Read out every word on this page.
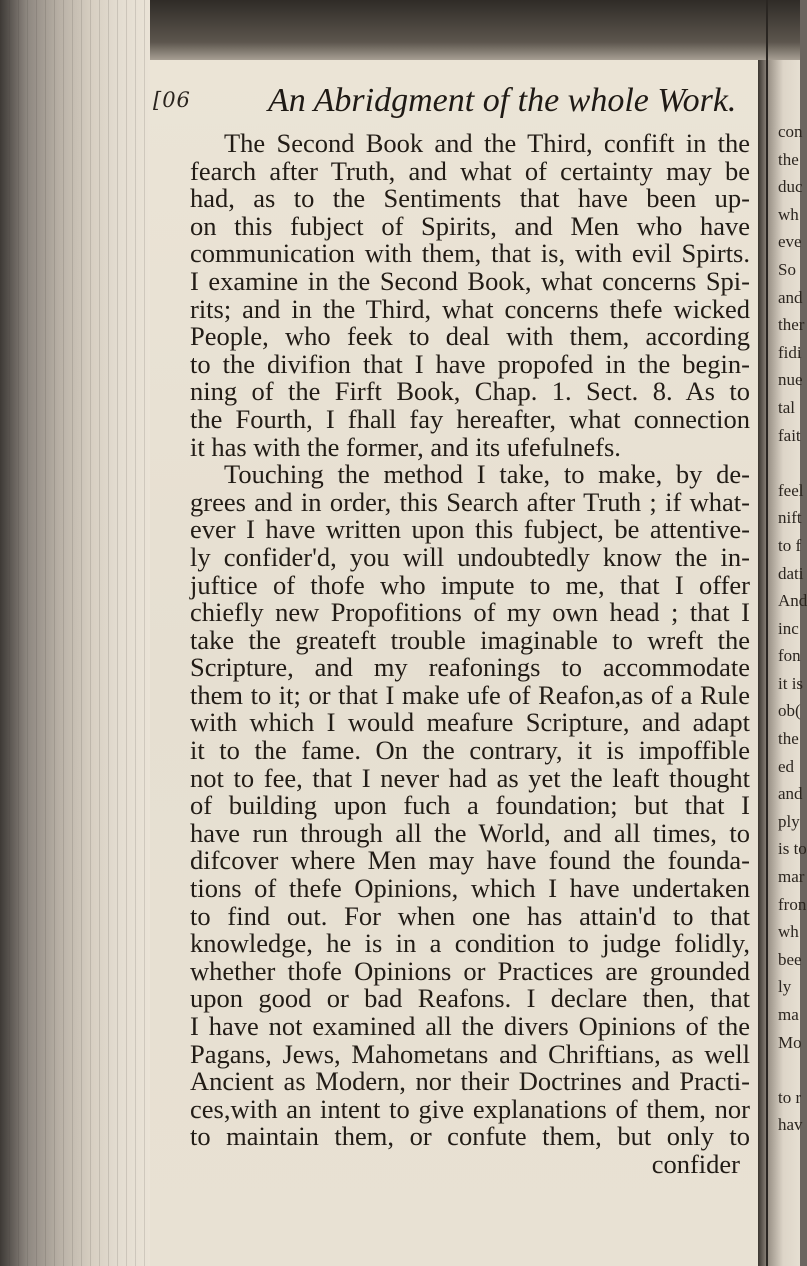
[06 An Abridgment of the whole Work.
The Second Book and the Third, confift in the
fearch after Truth, and what of certainty may be
had, as to the Sentiments that have been up-
on this fubject of Spirits, and Men who have
communication with them, that is, with evil Spirts.
I examine in the Second Book, what concerns Spi-
rits; and in the Third, what concerns thefe wicked
People, who feek to deal with them, according
to the divifion that I have propofed in the begin-
ning of the Firft Book, Chap. 1. Sect. 8. As to
the Fourth, I fhall fay hereafter, what connection
it has with the former, and its ufefulnefs.
Touching the method I take, to make, by de-
grees and in order, this Search after Truth ; if what-
ever I have written upon this fubject, be attentive-
ly confider'd, you will undoubtedly know the in-
juftice of thofe who impute to me, that I offer
chiefly new Propofitions of my own head ; that I
take the greateft trouble imaginable to wreft the
Scripture, and my reafonings to accommodate
them to it; or that I make ufe of Reafon,as of a Rule
with which I would meafure Scripture, and adapt
it to the fame. On the contrary, it is impoffible
not to fee, that I never had as yet the leaft thought
of building upon fuch a foundation; but that I
have run through all the World, and all times, to
difcover where Men may have found the founda-
tions of thefe Opinions, which I have undertaken
to find out. For when one has attain'd to that
knowledge, he is in a condition to judge folidly,
whether thofe Opinions or Practices are grounded
upon good or bad Reafons. I declare then, that
I have not examined all the divers Opinions of the
Pagans, Jews, Mahometans and Chriftians, as well
Ancient as Modern, nor their Doctrines and Practi-
ces,with an intent to give explanations of them, nor
to maintain them, or confute them, but only to
confider
con
the
duc
wh
eve
So
and
ther
fidi
nue
tal
fait
feel
nift
to f
dati
And
inc
fon
it is
ob(
the
ed
and
ply
is to
mar
fron
wh
bee
ly
ma
Mo
to r
hav
